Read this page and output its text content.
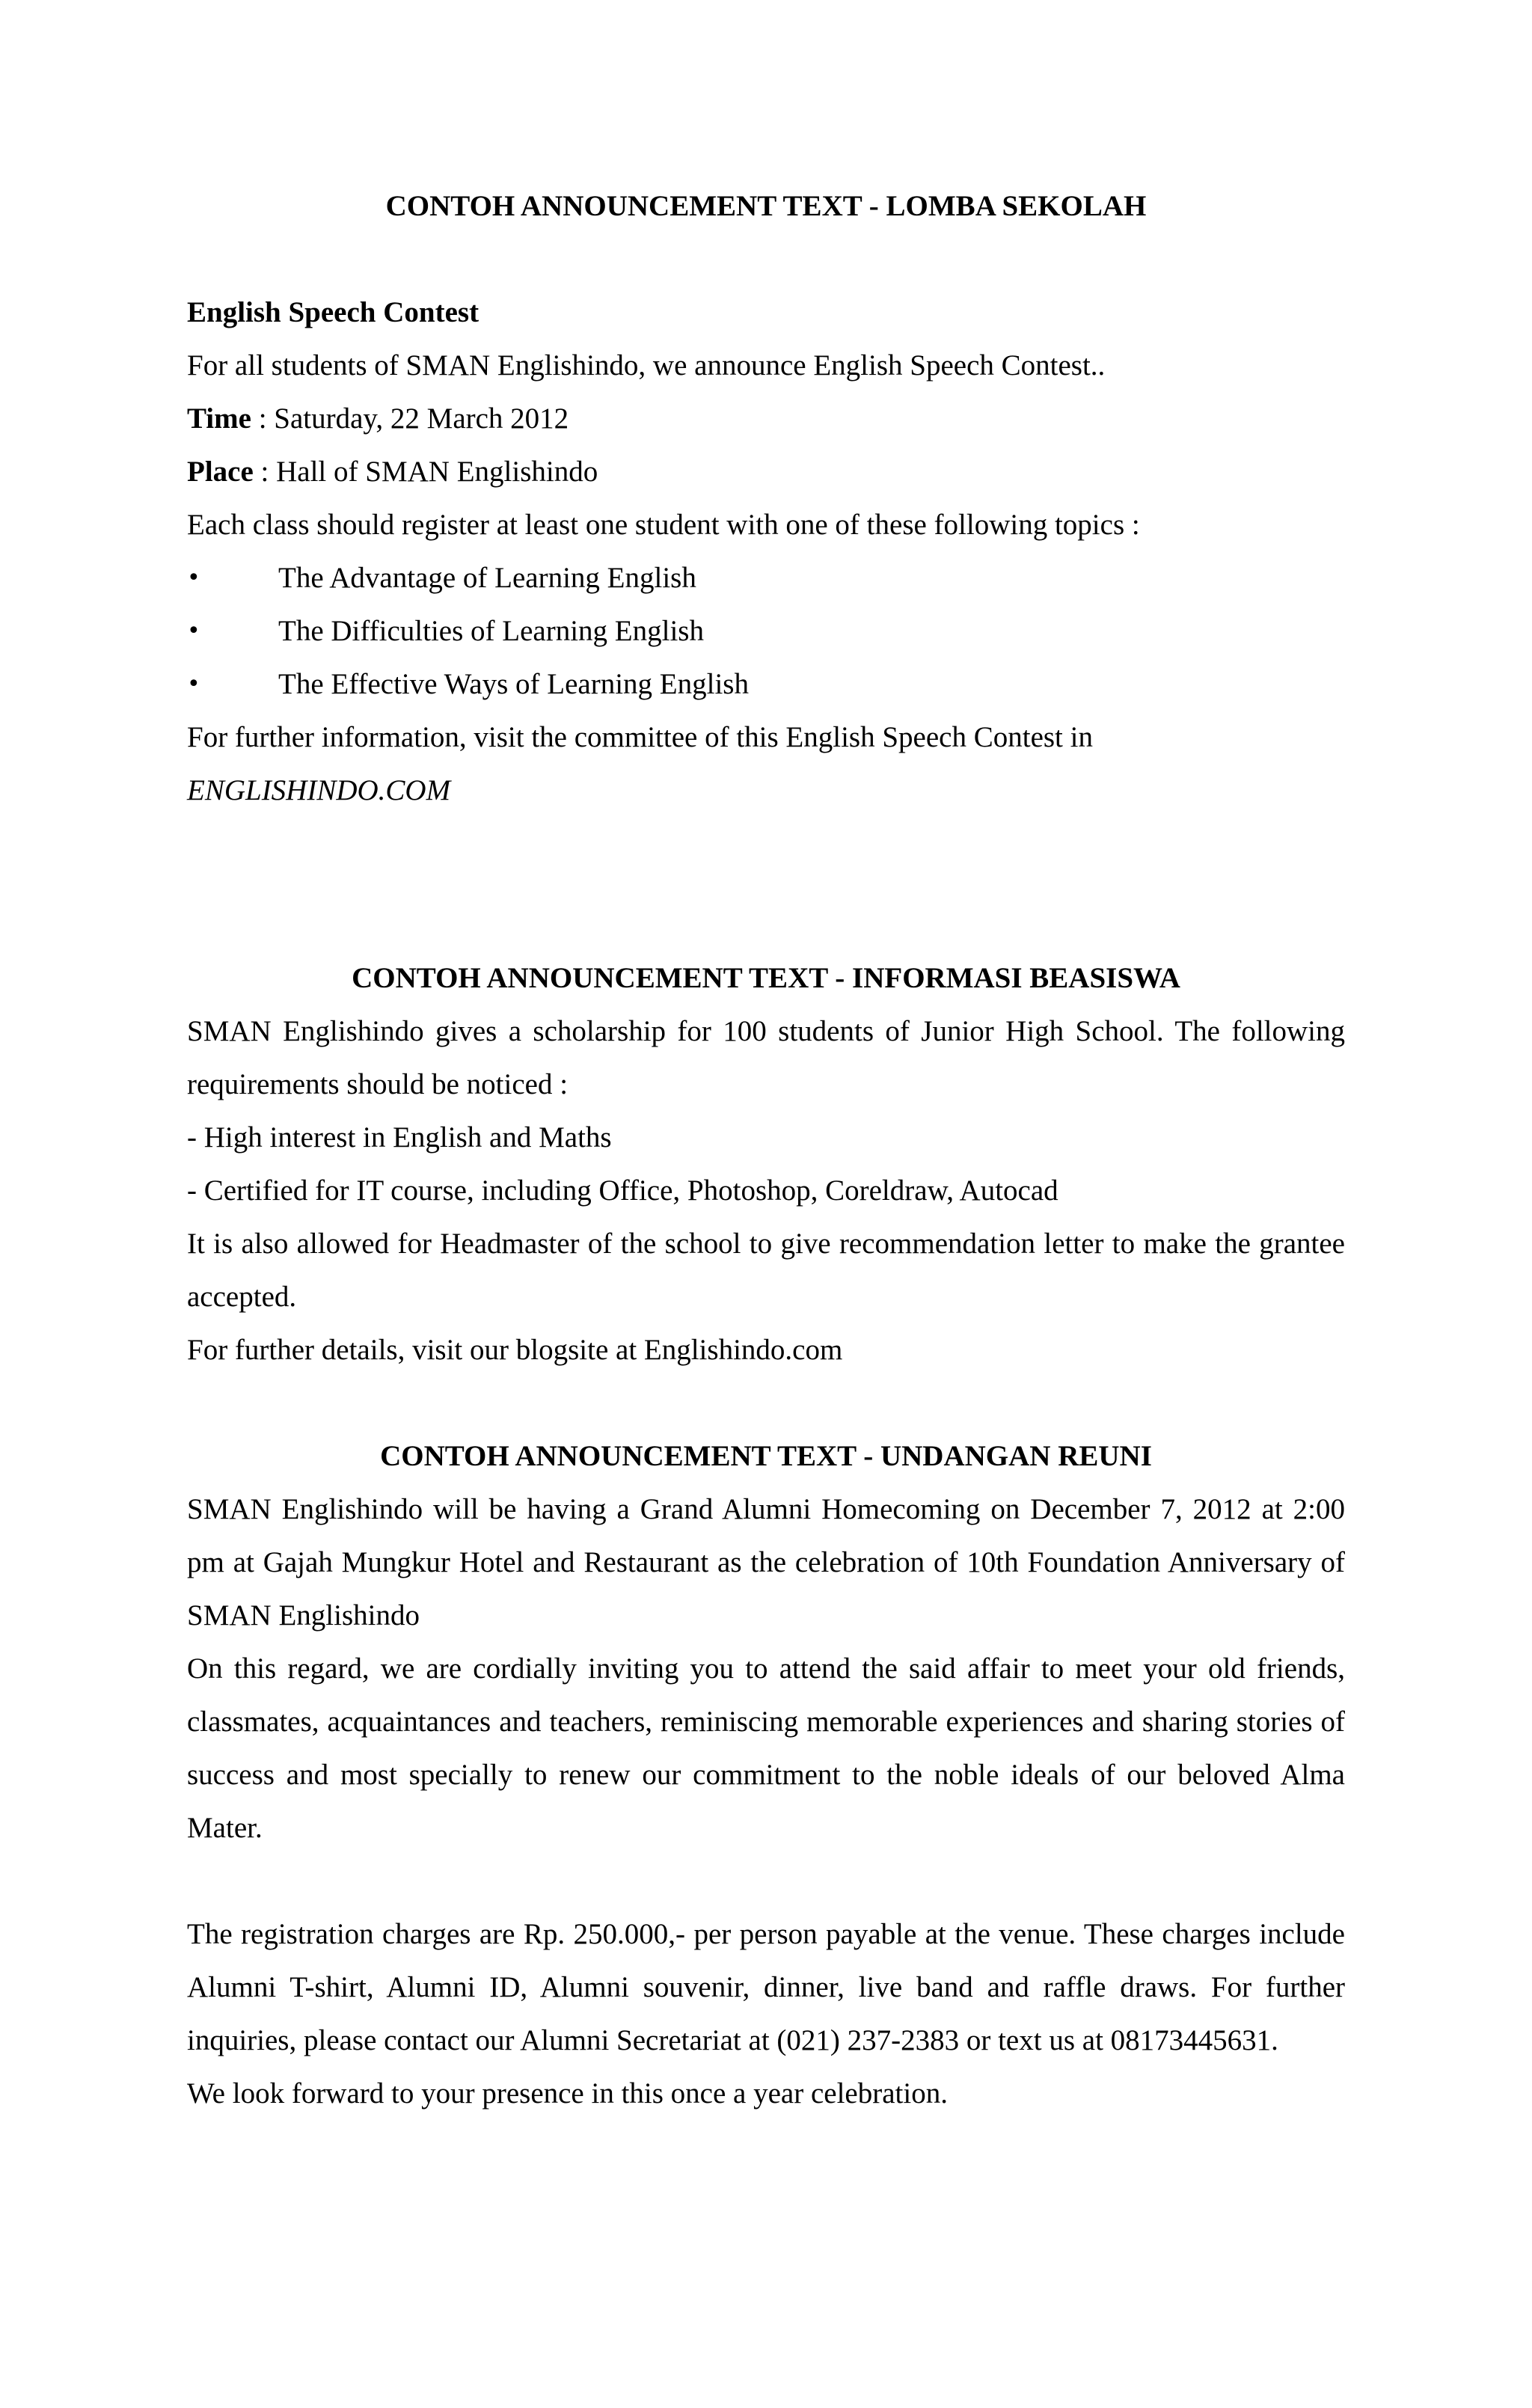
CONTOH ANNOUNCEMENT TEXT - LOMBA SEKOLAH

English Speech Contest

For all students of SMAN Englishindo, we announce English Speech Contest..

Time : Saturday, 22 March 2012

Place : Hall of SMAN Englishindo

Each class should register at least one student with one of these following topics :

•	The Advantage of Learning English
•	The Difficulties of Learning English
•	The Effective Ways of Learning English

For further information, visit the committee of this English Speech Contest in

ENGLISHINDO.COM

CONTOH ANNOUNCEMENT TEXT - INFORMASI BEASISWA

SMAN Englishindo gives a scholarship for 100 students of Junior High School. The following requirements should be noticed :

- High interest in English and Maths

- Certified for IT course, including Office, Photoshop, Coreldraw, Autocad

It is also allowed for Headmaster of the school to give recommendation letter to make the grantee accepted.

For further details, visit our blogsite at Englishindo.com

CONTOH ANNOUNCEMENT TEXT - UNDANGAN REUNI

SMAN Englishindo will be having a Grand Alumni Homecoming on December 7, 2012 at 2:00 pm at Gajah Mungkur Hotel and Restaurant as the celebration of 10th Foundation Anniversary of SMAN Englishindo

On this regard, we are cordially inviting you to attend the said affair to meet your old friends, classmates, acquaintances and teachers, reminiscing memorable experiences and sharing stories of success and most specially to renew our commitment to the noble ideals of our beloved Alma Mater.

The registration charges are Rp. 250.000,- per person payable at the venue. These charges include Alumni T-shirt, Alumni ID, Alumni souvenir, dinner, live band and raffle draws. For further inquiries, please contact our Alumni Secretariat at (021) 237-2383 or text us at 08173445631.

We look forward to your presence in this once a year celebration.
